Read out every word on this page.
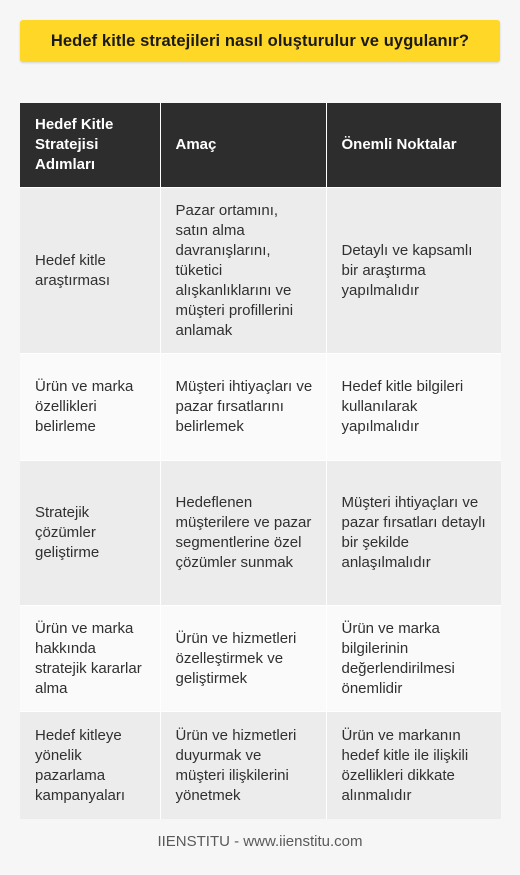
Hedef kitle stratejileri nasıl oluşturulur ve uygulanır?
Hedef Kitle Stratejisi Adımları	Amaç	Önemli Noktalar
Hedef kitle araştırması	Pazar ortamını, satın alma davranışlarını, tüketici alışkanlıklarını ve müşteri profillerini anlamak	Detaylı ve kapsamlı bir araştırma yapılmalıdır
Ürün ve marka özellikleri belirleme	Müşteri ihtiyaçları ve pazar fırsatlarını belirlemek	Hedef kitle bilgileri kullanılarak yapılmalıdır
Stratejik çözümler geliştirme	Hedeflenen müşterilere ve pazar segmentlerine özel çözümler sunmak	Müşteri ihtiyaçları ve pazar fırsatları detaylı bir şekilde anlaşılmalıdır
Ürün ve marka hakkında stratejik kararlar alma	Ürün ve hizmetleri özelleştirmek ve geliştirmek	Ürün ve marka bilgilerinin değerlendirilmesi önemlidir
Hedef kitleye yönelik pazarlama kampanyaları	Ürün ve hizmetleri duyurmak ve müşteri ilişkilerini yönetmek	Ürün ve markanın hedef kitle ile ilişkili özellikleri dikkate alınmalıdır
IIENSTITU - www.iienstitu.com
